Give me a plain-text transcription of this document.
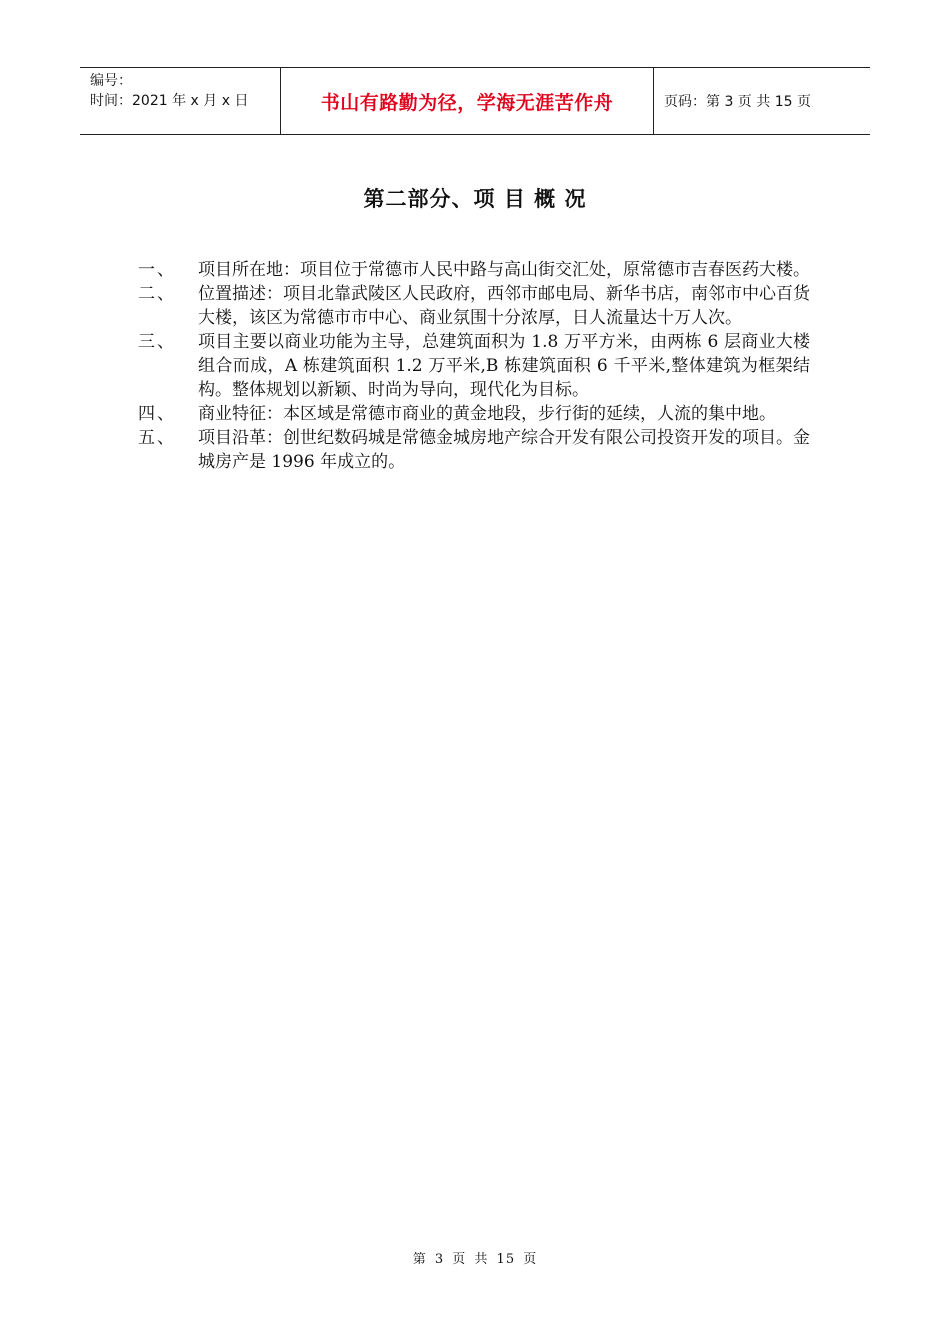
编号：
时间：2021 年 x 月 x 日	书山有路勤为径，学海无涯苦作舟	页码：第 3 页 共 15 页
第二部分、项 目 概 况
一、	项目所在地：项目位于常德市人民中路与高山街交汇处，原常德市吉春医药大楼。
二、	位置描述：项目北靠武陵区人民政府，西邻市邮电局、新华书店，南邻市中心百货大楼，该区为常德市市中心、商业氛围十分浓厚，日人流量达十万人次。
三、	项目主要以商业功能为主导，总建筑面积为 1.8 万平方米，由两栋 6 层商业大楼组合而成，A 栋建筑面积 1.2 万平米,B 栋建筑面积 6 千平米,整体建筑为框架结构。整体规划以新颖、时尚为导向，现代化为目标。
四、	商业特征：本区域是常德市商业的黄金地段，步行街的延续，人流的集中地。
五、	项目沿革：创世纪数码城是常德金城房地产综合开发有限公司投资开发的项目。金城房产是 1996 年成立的。
第 3 页 共 15 页
